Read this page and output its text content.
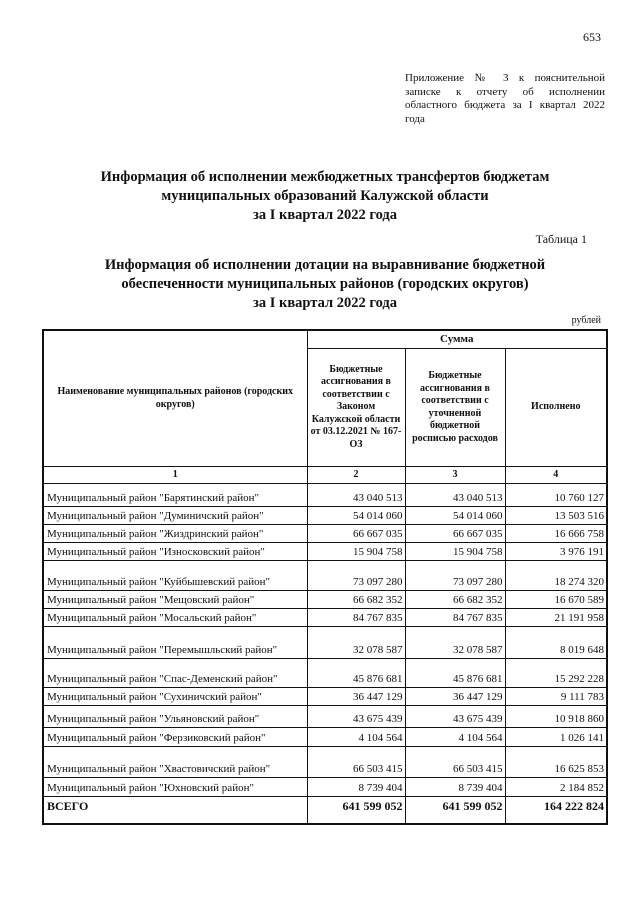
653
Приложение № 3 к пояснительной записке к отчету об исполнении областного бюджета за I квартал 2022 года
Информация об исполнении межбюджетных трансфертов бюджетам
муниципальных образований Калужской области
за I квартал 2022 года
Таблица 1
Информация об исполнении дотации на выравнивание бюджетной
обеспеченности муниципальных районов (городских округов)
за I квартал 2022 года
рублей
Наименование муниципальных районов (городских округов)	Сумма		
	Бюджетные ассигнования в соответствии с Законом Калужской области от 03.12.2021 № 167-ОЗ	Бюджетные ассигнования в соответствии с уточненной бюджетной росписью расходов	Исполнено
1	2	3	4
Муниципальный район "Барятинский район"	43 040 513	43 040 513	10 760 127
Муниципальный район "Думиничский район"	54 014 060	54 014 060	13 503 516
Муниципальный район "Жиздринский район"	66 667 035	66 667 035	16 666 758
Муниципальный район "Износковский район"	15 904 758	15 904 758	3 976 191
Муниципальный район "Куйбышевский район"	73 097 280	73 097 280	18 274 320
Муниципальный район "Мещовский район"	66 682 352	66 682 352	16 670 589
Муниципальный район "Мосальский район"	84 767 835	84 767 835	21 191 958
Муниципальный район "Перемышльский район"	32 078 587	32 078 587	8 019 648
Муниципальный район "Спас-Деменский район"	45 876 681	45 876 681	15 292 228
Муниципальный район "Сухиничский район"	36 447 129	36 447 129	9 111 783
Муниципальный район "Ульяновский район"	43 675 439	43 675 439	10 918 860
Муниципальный район "Ферзиковский район"	4 104 564	4 104 564	1 026 141
Муниципальный район "Хвастовичский район"	66 503 415	66 503 415	16 625 853
Муниципальный район "Юхновский район"	8 739 404	8 739 404	2 184 852
ВСЕГО	641 599 052	641 599 052	164 222 824
